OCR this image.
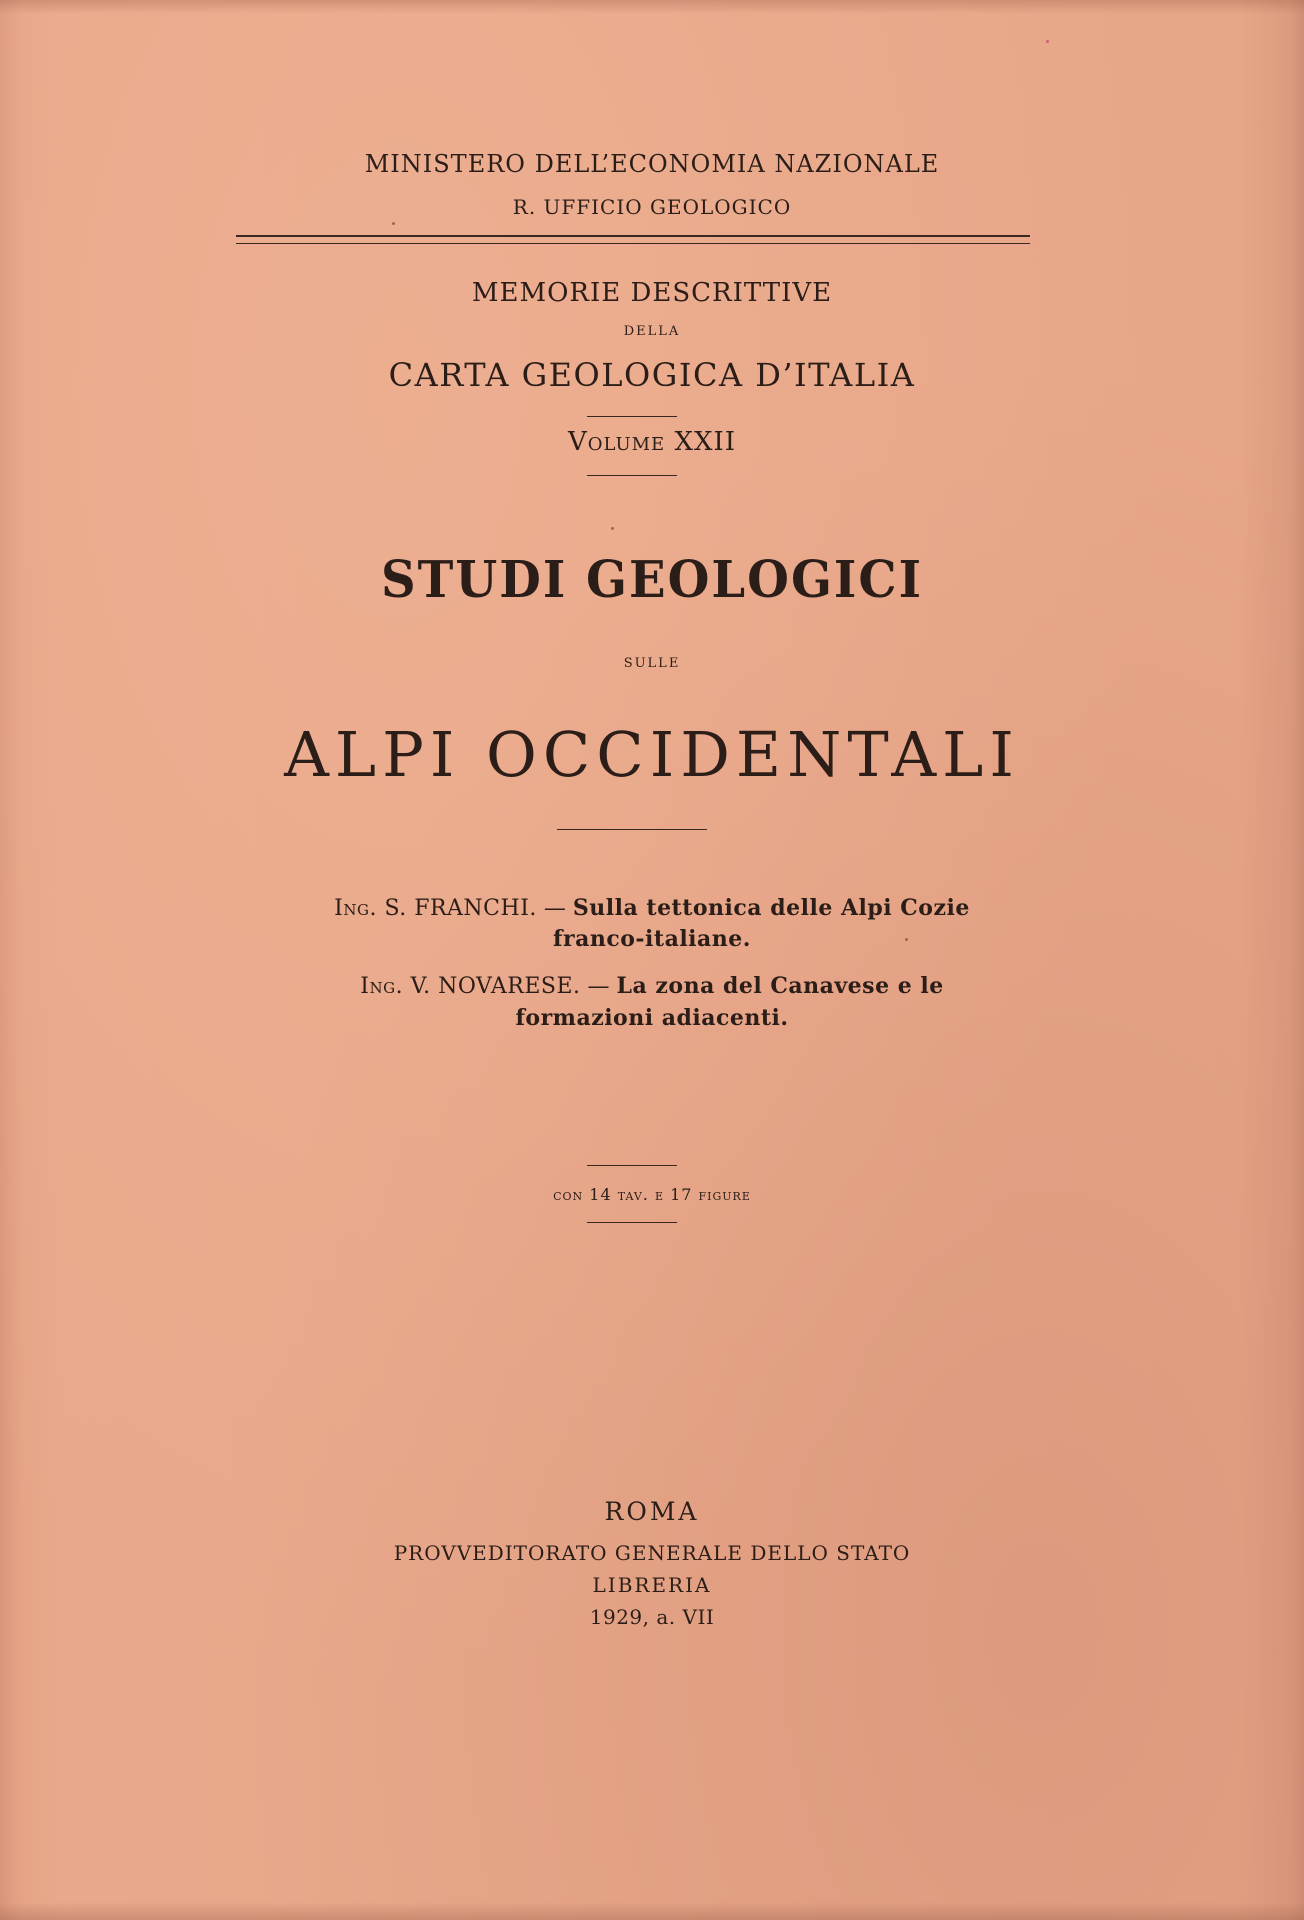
MINISTERO DELL’ECONOMIA NAZIONALE
R. UFFICIO GEOLOGICO
MEMORIE DESCRITTIVE
DELLA
CARTA GEOLOGICA D’ITALIA
Volume XXII
STUDI GEOLOGICI
SULLE
ALPI OCCIDENTALI
Ing. S. FRANCHI. — Sulla tettonica delle Alpi Cozie
franco-italiane.
Ing. V. NOVARESE. — La zona del Canavese e le
formazioni adiacenti.
con 14 tav. e 17 figure
ROMA
PROVVEDITORATO GENERALE DELLO STATO
LIBRERIA
1929, a. VII
